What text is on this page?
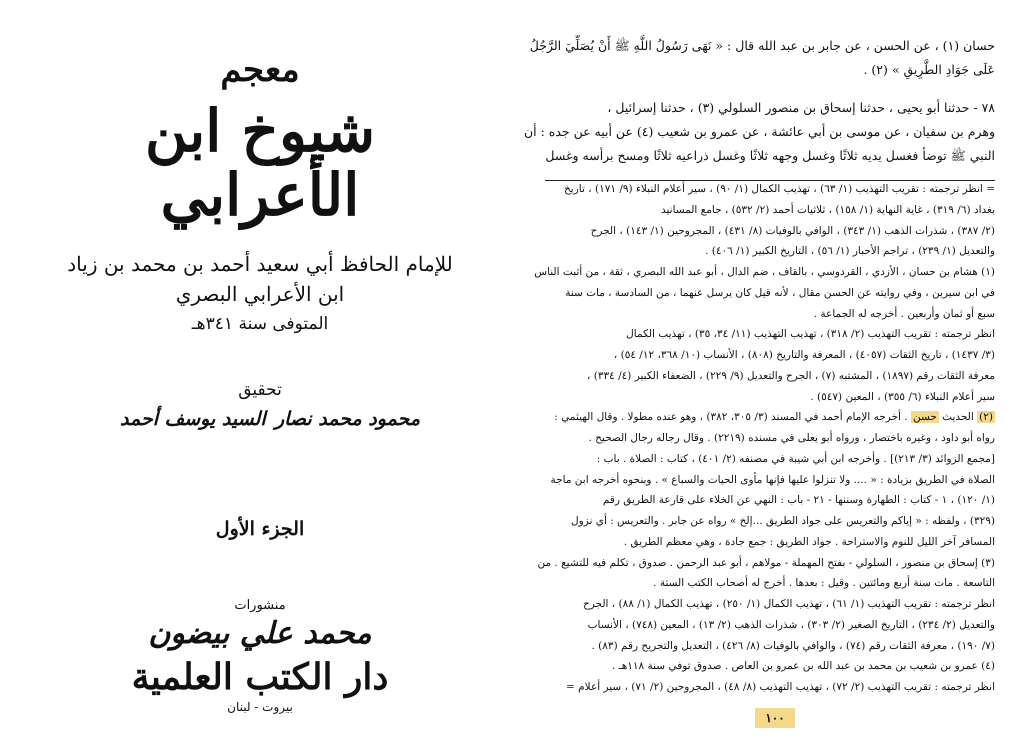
معجم
شيوخ ابن الأعرابي
للإمام الحافظ أبي سعيد أحمد بن محمد بن زياد
ابن الأعرابي البصري
المتوفى سنة ٣٤١هـ
تحقيق
محمود محمد نصار
السيد يوسف أحمد
الجزء الأول
منشورات
محمد علي بيضون
دار الكتب العلمية
بيروت - لبنان
حسان (١) ، عن الحسن ، عن جابر بن عبد الله قال : « نَهَى رَسُولُ اللَّهِ ﷺ أَنْ يُصَلِّيَ الرَّجُلُ
عَلَى جَوَادِ الطَّرِيقِ » (٢) .
٧٨ - حدثنا أبو يحيى ، حدثنا إسحاق بن منصور السلولي (٣) ، حدثنا إسرائيل ،
وهرم بن سفيان ، عن موسى بن أبي عائشة ، عن عمرو بن شعيب (٤) عن أبيه عن جده : أن
النبي ﷺ توضأ فغسل يديه ثلاثًا وغسل وجهه ثلاثًا وغسل ذراعيه ثلاثًا ومسح برأسه وغسل
= انظر ترجمته : تقريب التهذيب (١/ ٦٣) ، تهذيب الكمال (١/ ٩٠) ، سير أعلام النبلاء (٩/ ١٧١) ، تاريخ
بغداد (٦/ ٣١٩) ، غاية النهاية (١/ ١٥٨) ، ثلاثيات أحمد (٢/ ٥٣٢) ، جامع المسانيد
(٢/ ٣٨٧) ، شذرات الذهب (١/ ٣٤٣) ، الوافي بالوفيات (٨/ ٤٣١) ، المجروحين (١/ ١٤٣) ، الجرح
والتعديل (١/ ٢٣٩) ، تراجم الأحبار (١/ ٥٦) ، التاريخ الكبير (١/ ٤٠٦) .
(١) هشام بن حسان ، الأزدي ، القردوسي ، بالقاف ، ضم الدال ، أبو عبد الله البصري ، ثقة ، من أثبت الناس
في ابن سيرين ، وفي روايته عن الحسن مقال ، لأنه قيل كان يرسل عنهما ، من السادسة ، مات سنة
سبع أو ثمان وأربعين . أخرجه له الجماعة .
انظر ترجمته : تقريب التهذيب (٢/ ٣١٨) ، تهذيب التهذيب (١١/ ٣٤، ٣٥) ، تهذيب الكمال
(٣/ ١٤٣٧) ، تاريخ الثقات (٤٠٥٧) ، المعرفة والتاريخ (٨٠٨) ، الأنساب (١٠/ ٣٦٨، ١٢/ ٥٤) ،
معرفة الثقات رقم (١٨٩٧) ، المشتبه (٧) ، الجرح والتعديل (٩/ ٢٢٩) ، الضعفاء الكبير (٤/ ٣٣٤) ،
سير أعلام النبلاء (٦/ ٣٥٥) ، المعين (٥٤٧) .
(٢) الحديث حسن . أخرجه الإمام أحمد في المسند (٣/ ٣٠٥، ٣٨٢) ، وهو عنده مطولا . وقال الهيثمي :
رواه أبو داود ، وغيره باختصار ، ورواه أبو يعلى في مسنده (٢٢١٩) . وقال رجاله رجال الصحيح .
[مجمع الزوائد (٣/ ٢١٣)] . وأخرجه ابن أبي شيبة في مصنفه (٢/ ٤٠١) ، كتاب : الصلاة . باب :
الصلاة في الطريق بزيادة : « .... ولا تنزلوا عليها فإنها مأوى الحيات والسباع » . وبنحوه أخرجه ابن ماجة
(١/ ١٢٠) ، ١ - كتاب : الطهارة وسننها - ٢١ - باب : النهي عن الخلاء على قارعة الطريق رقم
(٣٢٩) ، ولفظه : « إياكم والتعريس على جواد الطريق ...إلخ » رواه عن جابر . والتعريس : أي نزول
المسافر آخر الليل للنوم والاستراحة . جواد الطريق : جمع جادة ، وهي معظم الطريق .
(٣) إسحاق بن منصور ، السلولي - بفتح المهملة - مولاهم ، أبو عبد الرحمن . صدوق ، تكلم فيه للتشيع . من
التاسعة . مات سنة أربع ومائتين . وقيل : بعدها . أخرج له أصحاب الكتب الستة .
انظر ترجمته : تقريب التهذيب (١/ ٦١) ، تهذيب الكمال (١/ ٢٥٠) ، تهذيب الكمال (١/ ٨٨) ، الجرح
والتعديل (٢/ ٢٣٤) ، التاريخ الصغير (٢/ ٣٠٣) ، شذرات الذهب (٢/ ١٣) ، المعين (٧٤٨) ، الأنساب
(٧/ ١٩٠) ، معرفة الثقات رقم (٧٤) ، والوافي بالوفيات (٨/ ٤٢٦) ، التعديل والتجريح رقم (٨٣) .
(٤) عمرو بن شعيب بن محمد بن عبد الله بن عمرو بن العاص . صدوق توفي سنة ١١٨هـ .
انظر ترجمته : تقريب التهذيب (٢/ ٧٢) ، تهذيب التهذيب (٨/ ٤٨) ، المجروحين (٢/ ٧١) ، سير أعلام =
١٠٠
